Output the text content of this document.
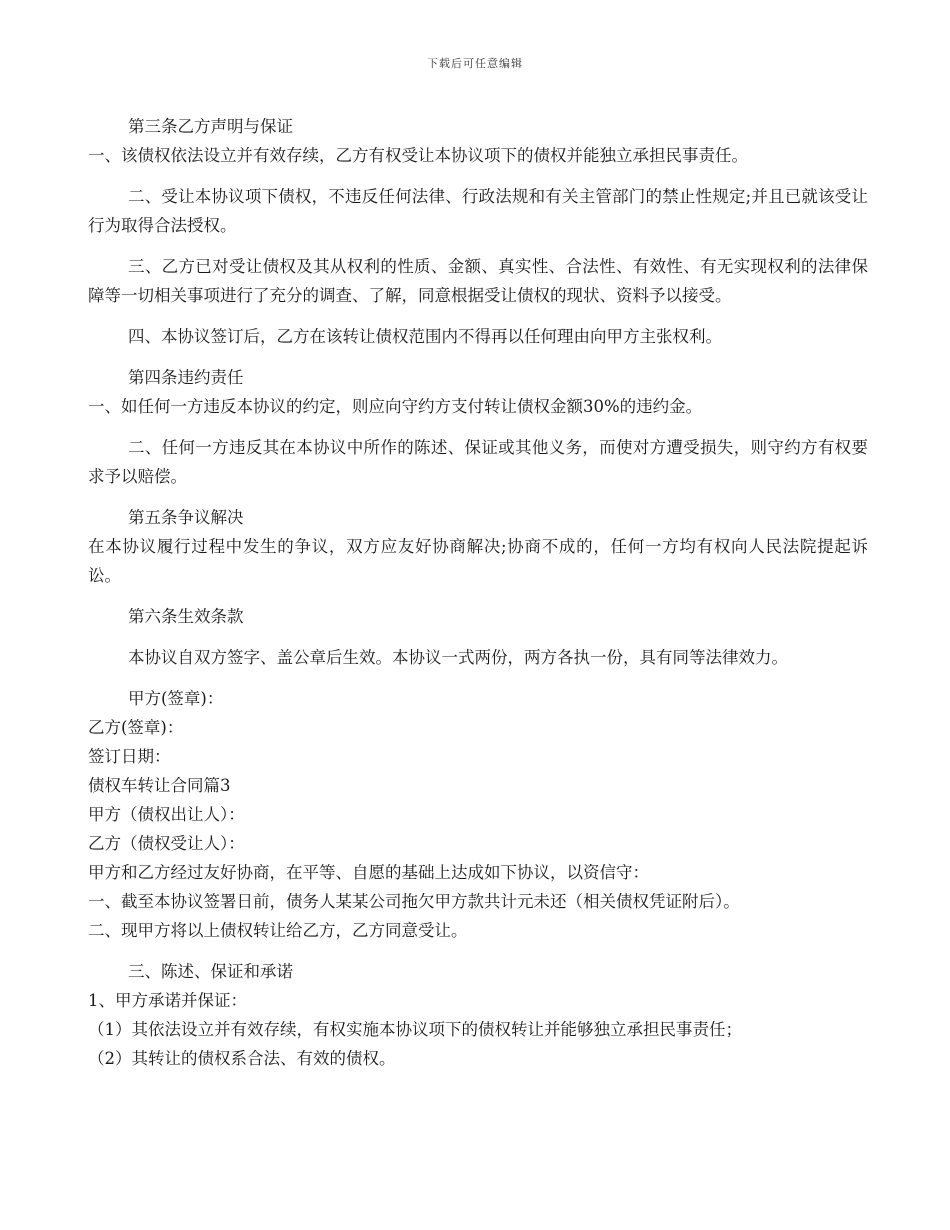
下载后可任意编辑
第三条乙方声明与保证
一、该债权依法设立并有效存续，乙方有权受让本协议项下的债权并能独立承担民事责任。
二、受让本协议项下债权，不违反任何法律、行政法规和有关主管部门的禁止性规定;并且已就该受让行为取得合法授权。
三、乙方已对受让债权及其从权利的性质、金额、真实性、合法性、有效性、有无实现权利的法律保障等一切相关事项进行了充分的调查、了解，同意根据受让债权的现状、资料予以接受。
四、本协议签订后，乙方在该转让债权范围内不得再以任何理由向甲方主张权利。
第四条违约责任
一、如任何一方违反本协议的约定，则应向守约方支付转让债权金额30%的违约金。
二、任何一方违反其在本协议中所作的陈述、保证或其他义务，而使对方遭受损失，则守约方有权要求予以赔偿。
第五条争议解决
在本协议履行过程中发生的争议，双方应友好协商解决;协商不成的，任何一方均有权向人民法院提起诉讼。
第六条生效条款
本协议自双方签字、盖公章后生效。本协议一式两份，两方各执一份，具有同等法律效力。
甲方(签章)：
乙方(签章)：
签订日期：
债权车转让合同篇3
甲方（债权出让人）：
乙方（债权受让人）：
甲方和乙方经过友好协商，在平等、自愿的基础上达成如下协议，以资信守：
一、截至本协议签署日前，债务人某某公司拖欠甲方款共计元未还（相关债权凭证附后）。
二、现甲方将以上债权转让给乙方，乙方同意受让。
三、陈述、保证和承诺
1、甲方承诺并保证：
（1）其依法设立并有效存续，有权实施本协议项下的债权转让并能够独立承担民事责任；
（2）其转让的债权系合法、有效的债权。
